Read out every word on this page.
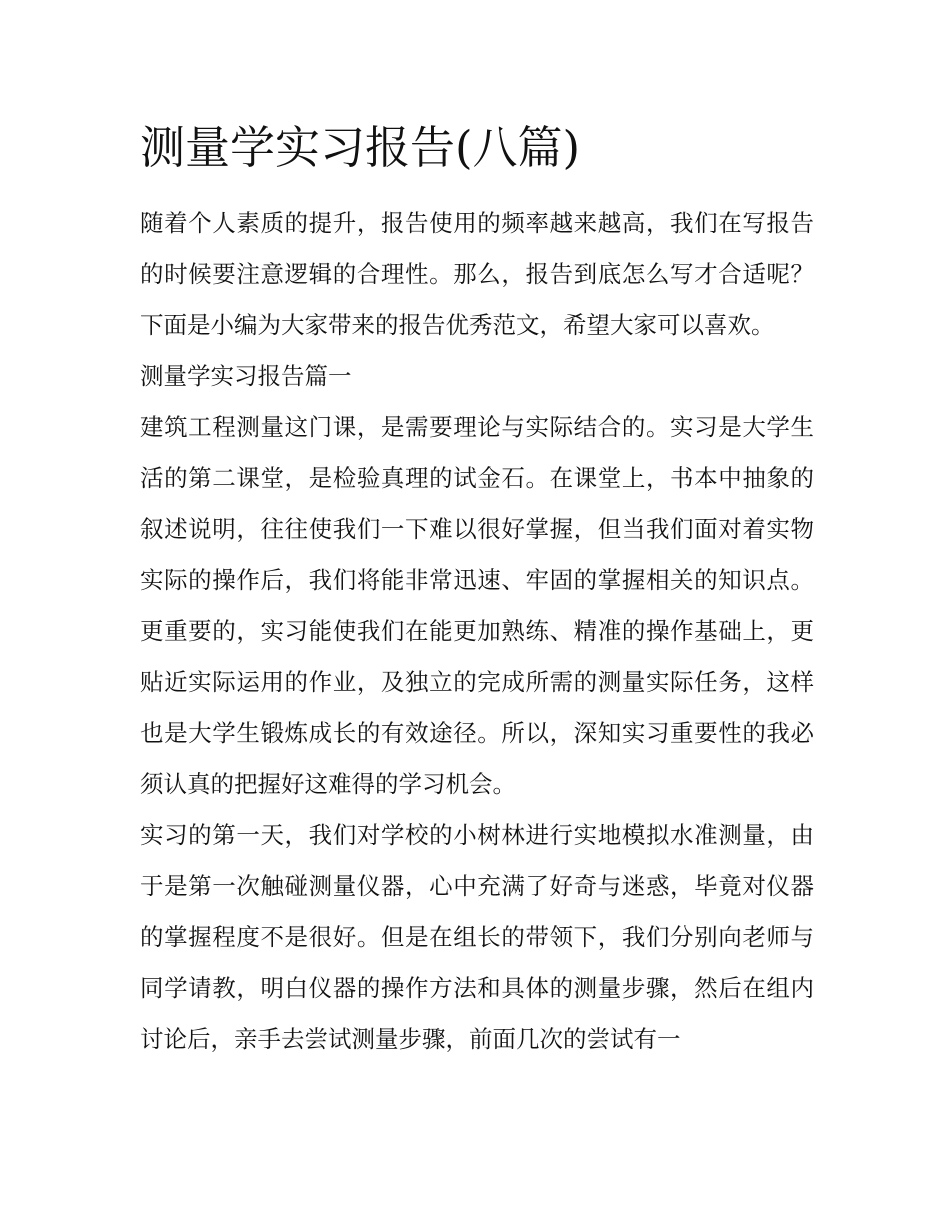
测量学实习报告(八篇)

随着个人素质的提升，报告使用的频率越来越高，我们在写报告的时候要注意逻辑的合理性。那么，报告到底怎么写才合适呢？下面是小编为大家带来的报告优秀范文，希望大家可以喜欢。

测量学实习报告篇一

建筑工程测量这门课，是需要理论与实际结合的。实习是大学生活的第二课堂，是检验真理的试金石。在课堂上，书本中抽象的叙述说明，往往使我们一下难以很好掌握，但当我们面对着实物实际的操作后，我们将能非常迅速、牢固的掌握相关的知识点。更重要的，实习能使我们在能更加熟练、精准的操作基础上，更贴近实际运用的作业，及独立的完成所需的测量实际任务，这样也是大学生锻炼成长的有效途径。所以，深知实习重要性的我必须认真的把握好这难得的学习机会。

实习的第一天，我们对学校的小树林进行实地模拟水准测量，由于是第一次触碰测量仪器，心中充满了好奇与迷惑，毕竟对仪器的掌握程度不是很好。但是在组长的带领下，我们分别向老师与同学请教，明白仪器的操作方法和具体的测量步骤，然后在组内讨论后，亲手去尝试测量步骤，前面几次的尝试有一
